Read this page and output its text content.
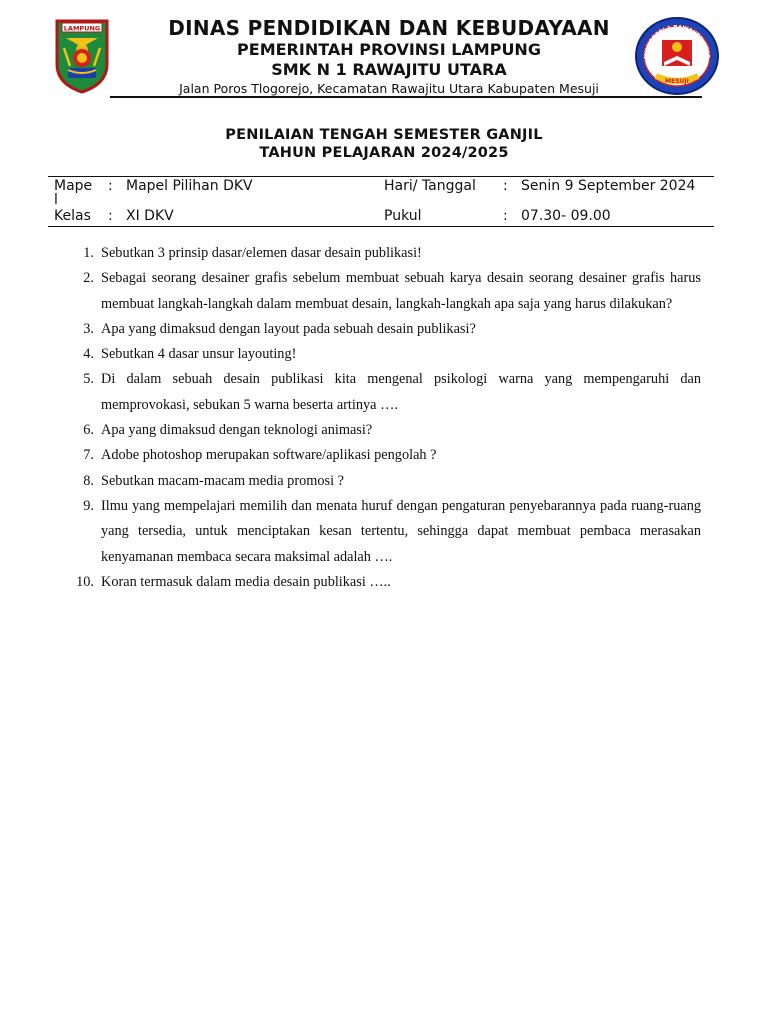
LAMPUNG	DINAS PENDIDIKAN DAN KEBUDAYAAN
PEMERINTAH PROVINSI LAMPUNG
SMK N 1 RAWAJITU UTARA
Jalan Poros Tlogorejo, Kecamatan Rawajitu Utara Kabupaten Mesuji
MK NEGERI 1 RAWAJITU UTAR
MESUJI
PENILAIAN TENGAH SEMESTER GANJIL
TAHUN PELAJARAN 2024/2025
Mape
l
: Mapel Pilihan DKV	Hari/ Tanggal : Senin 9 September 2024
Kelas : XI DKV	Pukul	: 07.30- 09.00
1. Sebutkan 3 prinsip dasar/elemen dasar desain publikasi!
2. Sebagai seorang desainer grafis sebelum membuat sebuah karya desain seorang desainer grafis harus membuat langkah-langkah dalam membuat desain, langkah-langkah apa saja yang harus dilakukan?
3. Apa yang dimaksud dengan layout pada sebuah desain publikasi?
4. Sebutkan 4 dasar unsur layouting!
5. Di dalam sebuah desain publikasi kita mengenal psikologi warna yang mempengaruhi dan memprovokasi, sebukan 5 warna beserta artinya ….
6. Apa yang dimaksud dengan teknologi animasi?
7. Adobe photoshop merupakan software/aplikasi pengolah ?
8. Sebutkan macam-macam media promosi ?
9. Ilmu yang mempelajari memilih dan menata huruf dengan pengaturan penyebarannya pada ruang-ruang yang tersedia, untuk menciptakan kesan tertentu, sehingga dapat membuat pembaca merasakan kenyamanan membaca secara maksimal adalah ….
10. Koran termasuk dalam media desain publikasi …..
